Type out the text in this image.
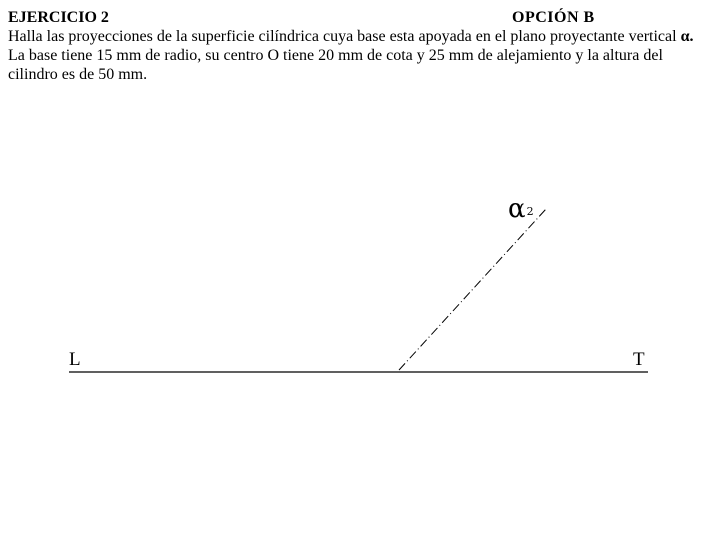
EJERCICIO 2	OPCIÓN B

Halla las proyecciones de la superficie cilíndrica cuya base esta apoyada en el plano proyectante vertical α.

La base tiene 15 mm de radio, su centro O tiene 20 mm de cota y 25 mm de alejamiento y la altura del cilindro es de 50 mm.

$\alpha_2$
L	T
